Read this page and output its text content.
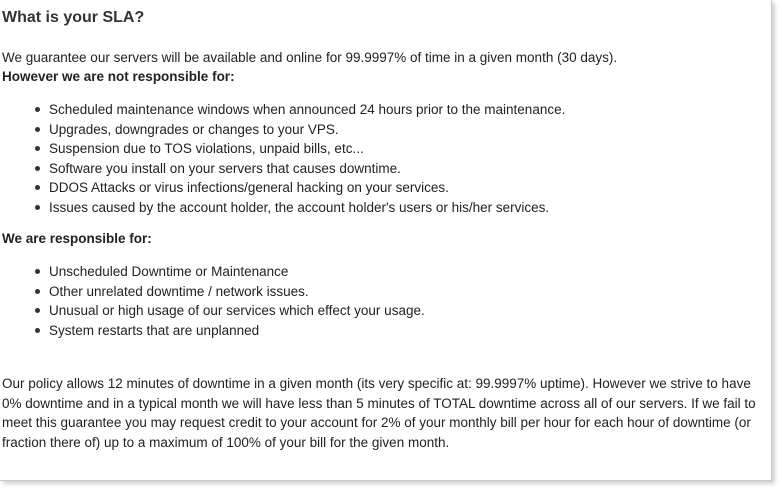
What is your SLA?

We guarantee our servers will be available and online for 99.9997% of time in a given month (30 days).

However we are not responsible for:

Scheduled maintenance windows when announced 24 hours prior to the maintenance.
Upgrades, downgrades or changes to your VPS.
Suspension due to TOS violations, unpaid bills, etc...
Software you install on your servers that causes downtime.
DDOS Attacks or virus infections/general hacking on your services.
Issues caused by the account holder, the account holder's users or his/her services.

We are responsible for:

Unscheduled Downtime or Maintenance
Other unrelated downtime / network issues.
Unusual or high usage of our services which effect your usage.
System restarts that are unplanned

Our policy allows 12 minutes of downtime in a given month (its very specific at: 99.9997% uptime). However we strive to have 0% downtime and in a typical month we will have less than 5 minutes of TOTAL downtime across all of our servers. If we fail to meet this guarantee you may request credit to your account for 2% of your monthly bill per hour for each hour of downtime (or fraction there of) up to a maximum of 100% of your bill for the given month.
